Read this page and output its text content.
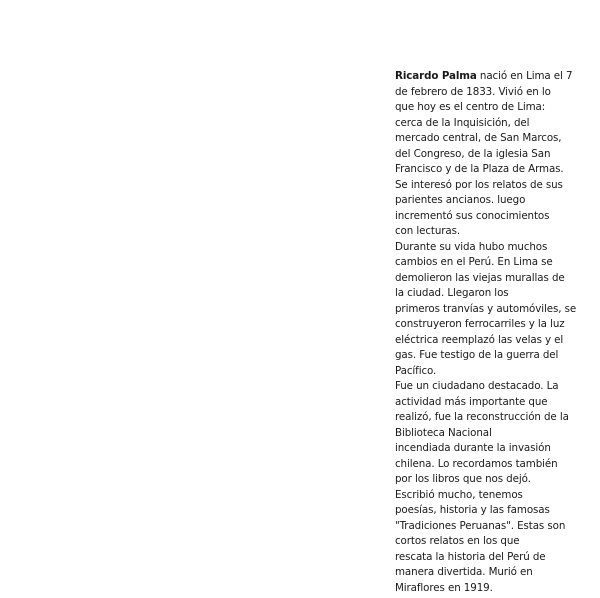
Ricardo Palma nació en Lima el 7
de febrero de 1833. Vivió en lo
que hoy es el centro de Lima:
cerca de la Inquisición, del
mercado central, de San Marcos,
del Congreso, de la iglesia San
Francisco y de la Plaza de Armas.
Se interesó por los relatos de sus
parientes ancianos. luego
incrementó sus conocimientos
con lecturas.
Durante su vida hubo muchos
cambios en el Perú. En Lima se
demolieron las viejas murallas de
la ciudad. Llegaron los
primeros tranvías y automóviles, se
construyeron ferrocarriles y la luz
eléctrica reemplazó las velas y el
gas. Fue testigo de la guerra del
Pacífico.
Fue un ciudadano destacado. La
actividad más importante que
realizó, fue la reconstrucción de la
Biblioteca Nacional
incendiada durante la invasión
chilena. Lo recordamos también
por los libros que nos dejó.
Escribió mucho, tenemos
poesías, historia y las famosas
"Tradiciones Peruanas". Estas son
cortos relatos en los que
rescata la historia del Perú de
manera divertida. Murió en
Miraflores en 1919.
